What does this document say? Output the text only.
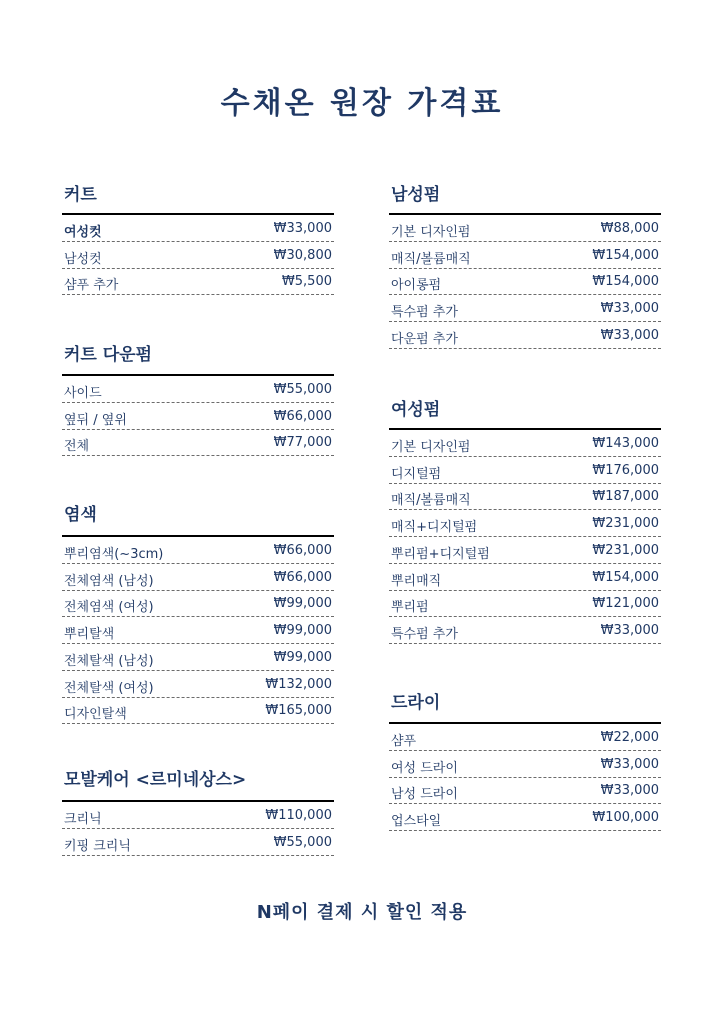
수채온 원장 가격표
커트
여성컷	₩33,000
남성컷	₩30,800
샴푸 추가	₩5,500
커트 다운펌
사이드	₩55,000
옆뒤 / 옆위	₩66,000
전체	₩77,000
염색
뿌리염색(~3cm)	₩66,000
전체염색 (남성)	₩66,000
전체염색 (여성)	₩99,000
뿌리탈색	₩99,000
전체탈색 (남성)	₩99,000
전체탈색 (여성)	₩132,000
디자인탈색	₩165,000
모발케어 <르미네상스>
크리닉	₩110,000
키핑 크리닉	₩55,000
남성펌
기본 디자인펌	₩88,000
매직/볼륨매직	₩154,000
아이롱펌	₩154,000
특수펌 추가	₩33,000
다운펌 추가	₩33,000
여성펌
기본 디자인펌	₩143,000
디지털펌	₩176,000
매직/볼륨매직	₩187,000
매직+디지털펌	₩231,000
뿌리펌+디지털펌	₩231,000
뿌리매직	₩154,000
뿌리펌	₩121,000
특수펌 추가	₩33,000
드라이
샴푸	₩22,000
여성 드라이	₩33,000
남성 드라이	₩33,000
업스타일	₩100,000
N페이 결제 시 할인 적용
